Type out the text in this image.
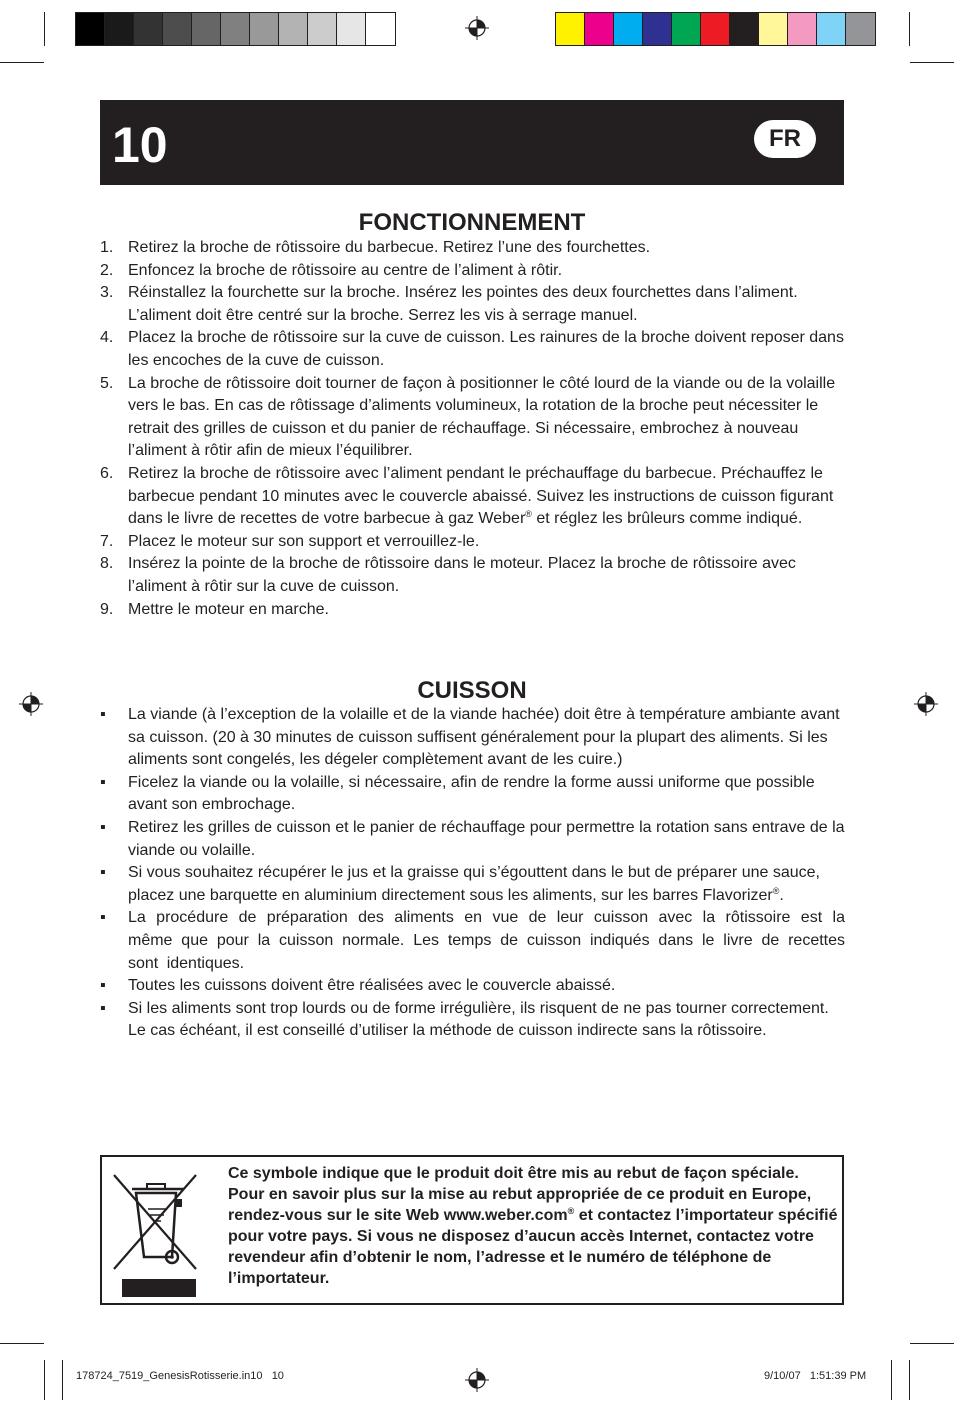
10	FR
FONCTIONNEMENT
1. Retirez la broche de rôtissoire du barbecue. Retirez l’une des fourchettes.
2. Enfoncez la broche de rôtissoire au centre de l’aliment à rôtir.
3. Réinstallez la fourchette sur la broche. Insérez les pointes des deux fourchettes dans l’aliment. L’aliment doit être centré sur la broche. Serrez les vis à serrage manuel.
4. Placez la broche de rôtissoire sur la cuve de cuisson. Les rainures de la broche doivent reposer dans les encoches de la cuve de cuisson.
5. La broche de rôtissoire doit tourner de façon à positionner le côté lourd de la viande ou de la volaille vers le bas. En cas de rôtissage d’aliments volumineux, la rotation de la broche peut nécessiter le retrait des grilles de cuisson et du panier de réchauffage. Si nécessaire, embrochez à nouveau l’aliment à rôtir afin de mieux l’équilibrer.
6. Retirez la broche de rôtissoire avec l’aliment pendant le préchauffage du barbecue. Préchauffez le barbecue pendant 10 minutes avec le couvercle abaissé. Suivez les instructions de cuisson figurant dans le livre de recettes de votre barbecue à gaz Weber® et réglez les brûleurs comme indiqué.
7. Placez le moteur sur son support et verrouillez-le.
8. Insérez la pointe de la broche de rôtissoire dans le moteur. Placez la broche de rôtissoire avec l’aliment à rôtir sur la cuve de cuisson.
9. Mettre le moteur en marche.
CUISSON
▪ La viande (à l’exception de la volaille et de la viande hachée) doit être à température ambiante avant sa cuisson. (20 à 30 minutes de cuisson suffisent généralement pour la plupart des aliments. Si les aliments sont congelés, les dégeler complètement avant de les cuire.)
▪ Ficelez la viande ou la volaille, si nécessaire, afin de rendre la forme aussi uniforme que possible avant son embrochage.
▪ Retirez les grilles de cuisson et le panier de réchauffage pour permettre la rotation sans entrave de la viande ou volaille.
▪ Si vous souhaitez récupérer le jus et la graisse qui s’égouttent dans le but de préparer une sauce, placez une barquette en aluminium directement sous les aliments, sur les barres Flavorizer®.
▪ La procédure de préparation des aliments en vue de leur cuisson avec la rôtissoire est la même que pour la cuisson normale. Les temps de cuisson indiqués dans le livre de recettes sont identiques.
▪ Toutes les cuissons doivent être réalisées avec le couvercle abaissé.
▪ Si les aliments sont trop lourds ou de forme irrégulière, ils risquent de ne pas tourner correctement. Le cas échéant, il est conseillé d’utiliser la méthode de cuisson indirecte sans la rôtissoire.
Ce symbole indique que le produit doit être mis au rebut de façon spéciale. Pour en savoir plus sur la mise au rebut appropriée de ce produit en Europe, rendez-vous sur le site Web www.weber.com® et contactez l’importateur spécifié pour votre pays. Si vous ne disposez d’aucun accès Internet, contactez votre revendeur afin d’obtenir le nom, l’adresse et le numéro de téléphone de l’importateur.
178724_7519_GenesisRotisserie.in10   10	9/10/07   1:51:39 PM
